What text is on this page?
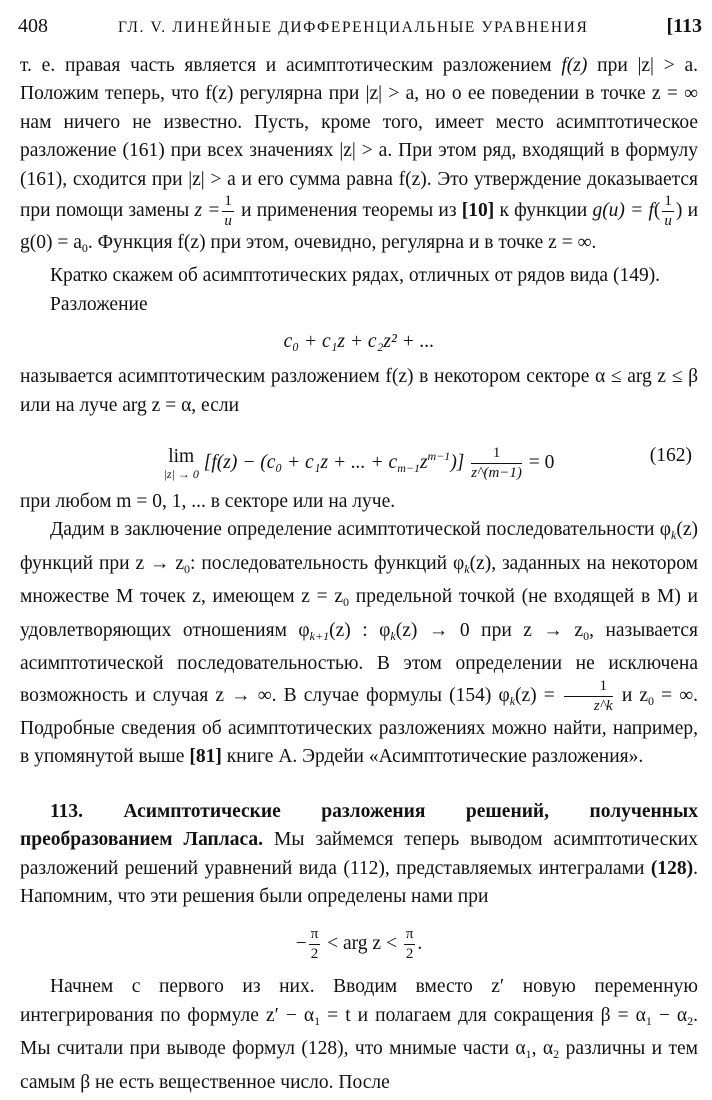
408	ГЛ. V. ЛИНЕЙНЫЕ ДИФФЕРЕНЦИАЛЬНЫЕ УРАВНЕНИЯ	[113

т. е. правая часть является и асимптотическим разложением f(z) при |z| > a. Положим теперь, что f(z) регулярна при |z| > a, но о ее поведении в точке z = ∞ нам ничего не известно. Пусть, кроме того, имеет место асимптотическое разложение (161) при всех значениях |z| > a. При этом ряд, входящий в формулу (161), сходится при |z| > a и его сумма равна f(z). Это утверждение доказывается при помощи замены $z = \frac{1}{u}$ и применения теоремы из [10] к функции $g(u) = f( \frac{1}{u}$ ) и $g(0) = a_0$. Функция f(z) при этом, очевидно, регулярна и в точке z = ∞.

Кратко скажем об асимптотических рядах, отличных от рядов вида (149).

Разложение

c₀ + c₁z + c₂z² + ...

называется асимптотическим разложением f(z) в некотором секторе α ≤ arg z ≤ β или на луче arg z = α, если

lim
|z| → 0
[f(z) − (c₀ + c₁z + ... + $c_{m-1}z^{m-1})] \frac{1}{z\^{}(m-1)} = 0$	(162)

при любом m = 0, 1, ... в секторе или на луче.

Дадим в заключение определение асимптотической последовательности $\varphi_k(z)$ функций при $z \to z_0$: последовательность функций $\varphi_k(z)$, заданных на некотором множестве M точек z, имеющем $z = z_0$ предельной точкой (не входящей в M) и удовлетворяющих отношениям $\varphi_{k+1}(z)$ : $\varphi_k(z) \to 0$ при $z \to z_0$, называется асимптотической последовательностью. В этом определении не исключена возможность и случая z → ∞. В случае формулы (154) $\varphi_k(z) = \frac{1}{z\^{}k}$ и $z_0$ = ∞. Подробные сведения об асимптотических разложениях можно найти, например, в упомянутой выше [81] книге А. Эрдейи «Асимптотические разложения».

113. Асимптотические разложения решений, полученных преобразованием Лапласа. Мы займемся теперь выводом асимптотических разложений решений уравнений вида (112), представляемых интегралами (128). Напомним, что эти решения были определены нами при

− $\frac{\pi}{2}$ < arg $z < \frac{\pi}{2}$ .

Начнем с первого из них. Вводим вместо z′ новую переменную интегрирования по формуле $z' - \alpha_1 = t$ и полагаем для сокращения $\beta = \alpha_1 - \alpha_2$. Мы считали при выводе формул (128), что мнимые части $\alpha_1$, $\alpha_2$ различны и тем самым β не есть вещественное число. После
